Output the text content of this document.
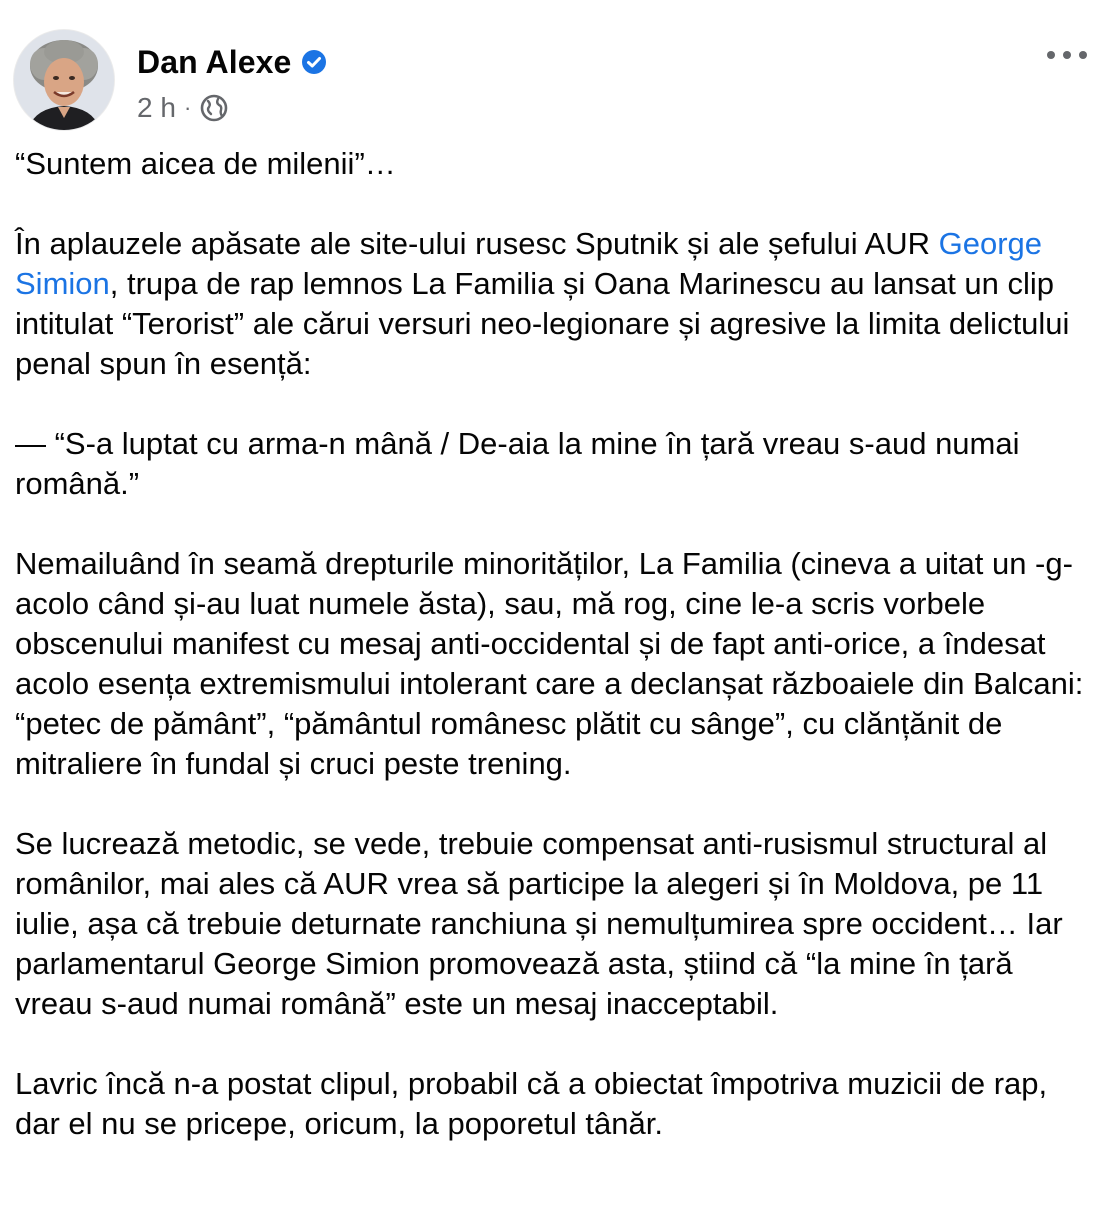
Dan Alexe
2 h ·

“Suntem aicea de milenii”…

În aplauzele apăsate ale site-ului rusesc Sputnik și ale șefului AUR George Simion, trupa de rap lemnos La Familia și Oana Marinescu au lansat un clip intitulat “Terorist” ale cărui versuri neo-legionare și agresive la limita delictului penal spun în esență:

— “S-a luptat cu arma-n mână / De-aia la mine în țară vreau s-aud numai română.”

Nemailuând în seamă drepturile minorităților, La Familia (cineva a uitat un -g- acolo când și-au luat numele ăsta), sau, mă rog, cine le-a scris vorbele obscenului manifest cu mesaj anti-occidental și de fapt anti-orice, a îndesat acolo esența extremismului intolerant care a declanșat războaiele din Balcani: “petec de pământ”, “pământul românesc plătit cu sânge”, cu clănțănit de mitraliere în fundal și cruci peste trening.

Se lucrează metodic, se vede, trebuie compensat anti-rusismul structural al românilor, mai ales că AUR vrea să participe la alegeri și în Moldova, pe 11 iulie, așa că trebuie deturnate ranchiuna și nemulțumirea spre occident… Iar parlamentarul George Simion promovează asta, știind că “la mine în țară vreau s-aud numai română” este un mesaj inacceptabil.

Lavric încă n-a postat clipul, probabil că a obiectat împotriva muzicii de rap, dar el nu se pricepe, oricum, la poporetul tânăr.
